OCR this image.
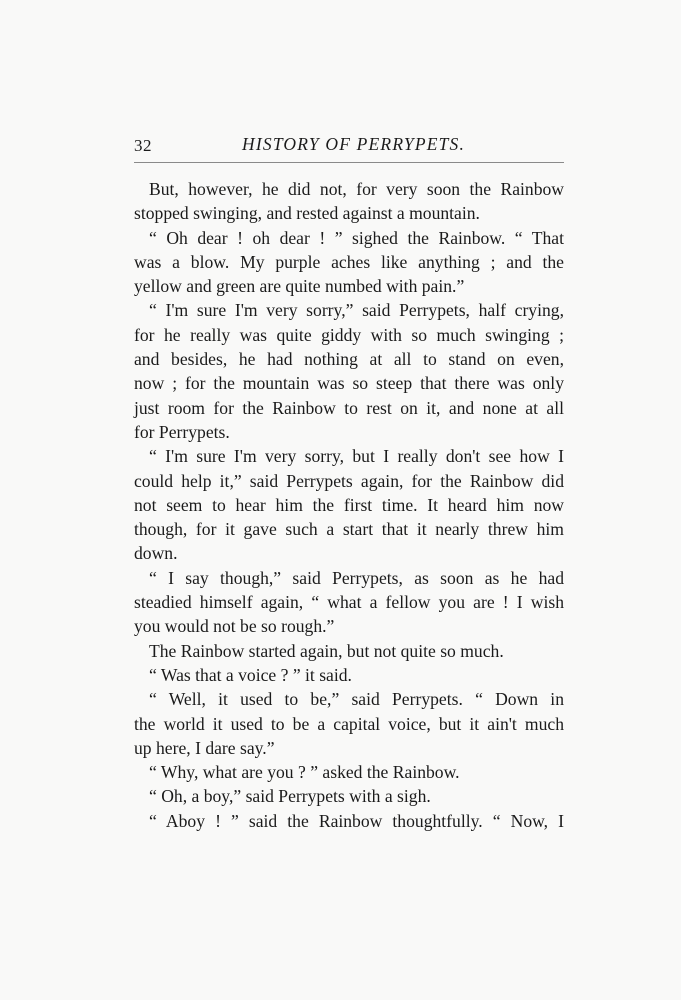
32	HISTORY OF PERRYPETS.
But, however, he did not, for very soon the Rainbow
stopped swinging, and rested against a mountain.
“ Oh dear ! oh dear ! ” sighed the Rainbow. “ That
was a blow. My purple aches like anything ; and the
yellow and green are quite numbed with pain.”
“ I'm sure I'm very sorry,” said Perrypets, half crying,
for he really was quite giddy with so much swinging ;
and besides, he had nothing at all to stand on even,
now ; for the mountain was so steep that there was only
just room for the Rainbow to rest on it, and none at all
for Perrypets.
“ I'm sure I'm very sorry, but I really don't see how I
could help it,” said Perrypets again, for the Rainbow did
not seem to hear him the first time. It heard him now
though, for it gave such a start that it nearly threw him
down.
“ I say though,” said Perrypets, as soon as he had
steadied himself again, “ what a fellow you are ! I wish
you would not be so rough.”
The Rainbow started again, but not quite so much.
“ Was that a voice ? ” it said.
“ Well, it used to be,” said Perrypets. “ Down in
the world it used to be a capital voice, but it ain't much
up here, I dare say.”
“ Why, what are you ? ” asked the Rainbow.
“ Oh, a boy,” said Perrypets with a sigh.
“ Aboy ! ” said the Rainbow thoughtfully. “ Now, I
